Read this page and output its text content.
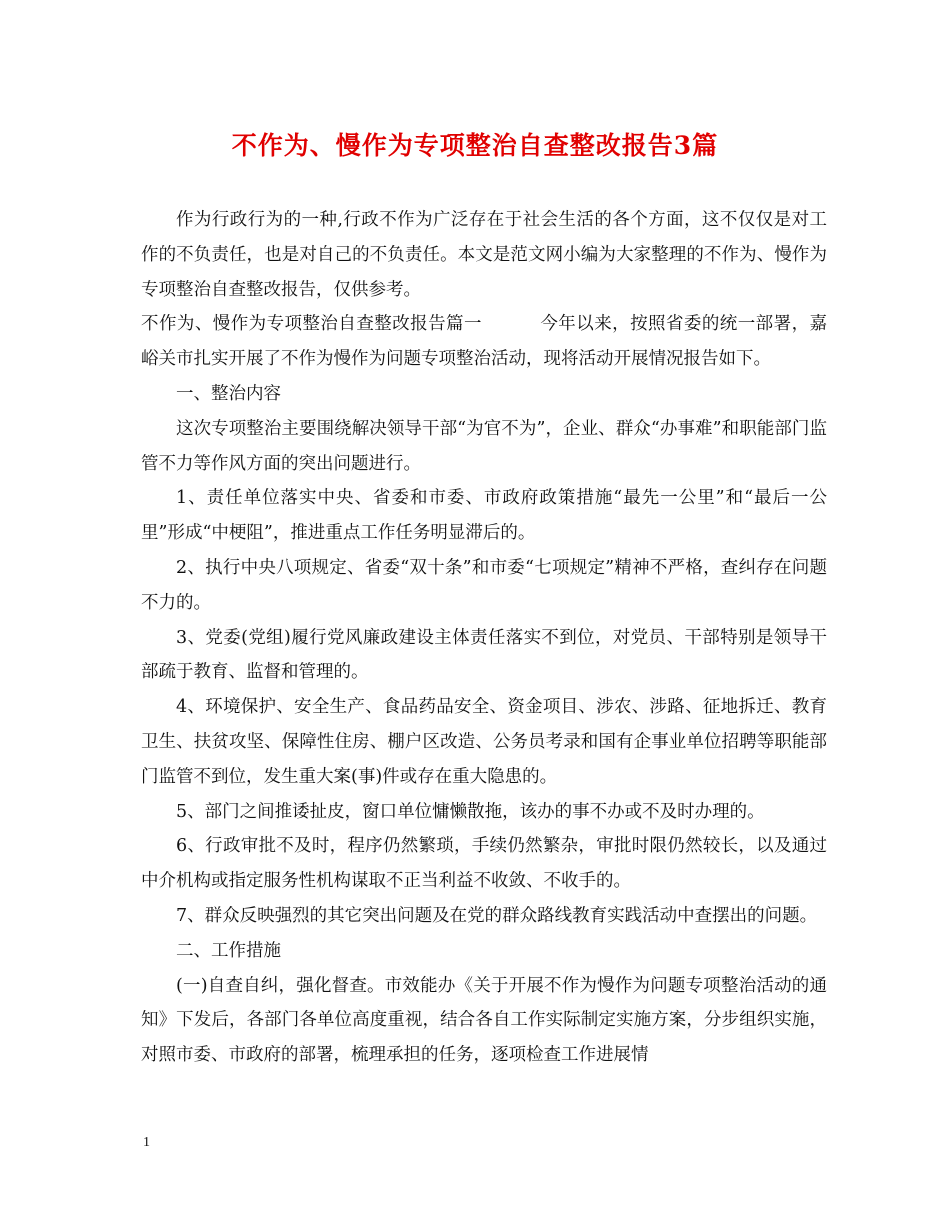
不作为、慢作为专项整治自查整改报告3篇

作为行政行为的一种,行政不作为广泛存在于社会生活的各个方面，这不仅仅是对工作的不负责任，也是对自己的不负责任。本文是范文网小编为大家整理的不作为、慢作为专项整治自查整改报告，仅供参考。

不作为、慢作为专项整治自查整改报告篇一	今年以来，按照省委的统一部署，嘉峪关市扎实开展了不作为慢作为问题专项整治活动，现将活动开展情况报告如下。

一、整治内容

这次专项整治主要围绕解决领导干部“为官不为”，企业、群众“办事难”和职能部门监管不力等作风方面的突出问题进行。

1、责任单位落实中央、省委和市委、市政府政策措施“最先一公里”和“最后一公里”形成“中梗阻”，推进重点工作任务明显滞后的。

2、执行中央八项规定、省委“双十条”和市委“七项规定”精神不严格，查纠存在问题不力的。

3、党委(党组)履行党风廉政建设主体责任落实不到位，对党员、干部特别是领导干部疏于教育、监督和管理的。

4、环境保护、安全生产、食品药品安全、资金项目、涉农、涉路、征地拆迁、教育卫生、扶贫攻坚、保障性住房、棚户区改造、公务员考录和国有企事业单位招聘等职能部门监管不到位，发生重大案(事)件或存在重大隐患的。

5、部门之间推诿扯皮，窗口单位慵懒散拖，该办的事不办或不及时办理的。

6、行政审批不及时，程序仍然繁琐，手续仍然繁杂，审批时限仍然较长，以及通过中介机构或指定服务性机构谋取不正当利益不收敛、不收手的。

7、群众反映强烈的其它突出问题及在党的群众路线教育实践活动中查摆出的问题。

二、工作措施

(一)自查自纠，强化督查。市效能办《关于开展不作为慢作为问题专项整治活动的通知》下发后，各部门各单位高度重视，结合各自工作实际制定实施方案，分步组织实施，对照市委、市政府的部署，梳理承担的任务，逐项检查工作进展情

1
